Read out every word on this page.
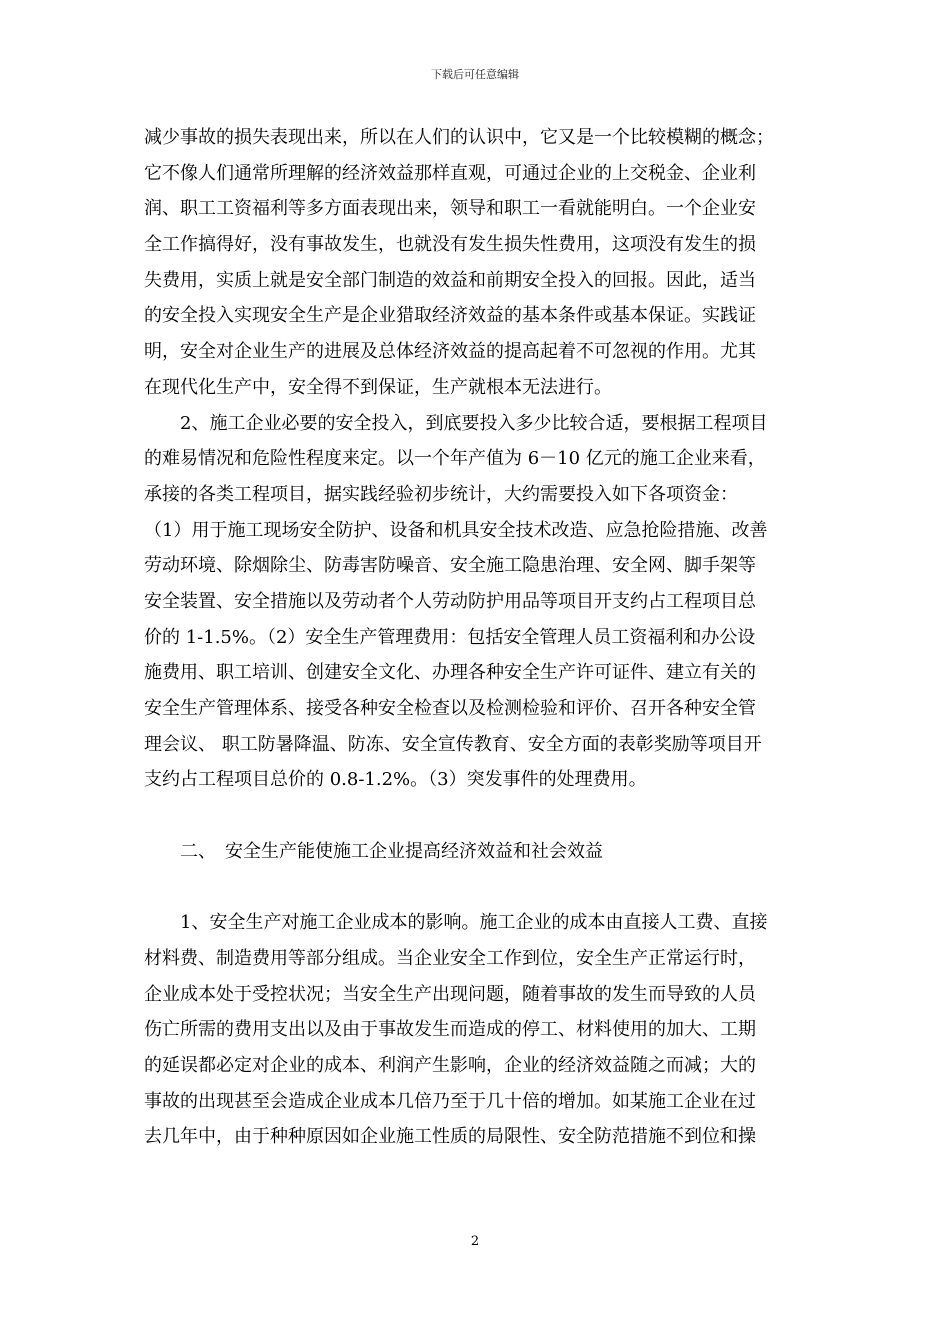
下载后可任意编辑
减少事故的损失表现出来，所以在人们的认识中，它又是一个比较模糊的概念；
它不像人们通常所理解的经济效益那样直观，可通过企业的上交税金、企业利
润、职工工资福利等多方面表现出来，领导和职工一看就能明白。一个企业安
全工作搞得好，没有事故发生，也就没有发生损失性费用，这项没有发生的损
失费用，实质上就是安全部门制造的效益和前期安全投入的回报。因此，适当
的安全投入实现安全生产是企业猎取经济效益的基本条件或基本保证。实践证
明，安全对企业生产的进展及总体经济效益的提高起着不可忽视的作用。尤其
在现代化生产中，安全得不到保证，生产就根本无法进行。
　　2、施工企业必要的安全投入，到底要投入多少比较合适，要根据工程项目
的难易情况和危险性程度来定。以一个年产值为 6－10 亿元的施工企业来看，
承接的各类工程项目，据实践经验初步统计，大约需要投入如下各项资金：
（1）用于施工现场安全防护、设备和机具安全技术改造、应急抢险措施、改善
劳动环境、除烟除尘、防毒害防噪音、安全施工隐患治理、安全网、脚手架等
安全装置、安全措施以及劳动者个人劳动防护用品等项目开支约占工程项目总
价的 1-1.5%。（2）安全生产管理费用：包括安全管理人员工资福利和办公设
施费用、职工培训、创建安全文化、办理各种安全生产许可证件、建立有关的
安全生产管理体系、接受各种安全检查以及检测检验和评价、召开各种安全管
理会议、 职工防暑降温、防冻、安全宣传教育、安全方面的表彰奖励等项目开
支约占工程项目总价的 0.8-1.2%。（3）突发事件的处理费用。
　　二、　安全生产能使施工企业提高经济效益和社会效益
　　1、安全生产对施工企业成本的影响。施工企业的成本由直接人工费、直接
材料费、制造费用等部分组成。当企业安全工作到位，安全生产正常运行时，
企业成本处于受控状况；当安全生产出现问题，随着事故的发生而导致的人员
伤亡所需的费用支出以及由于事故发生而造成的停工、材料使用的加大、工期
的延误都必定对企业的成本、利润产生影响，企业的经济效益随之而减；大的
事故的出现甚至会造成企业成本几倍乃至于几十倍的增加。如某施工企业在过
去几年中，由于种种原因如企业施工性质的局限性、安全防范措施不到位和操
2
